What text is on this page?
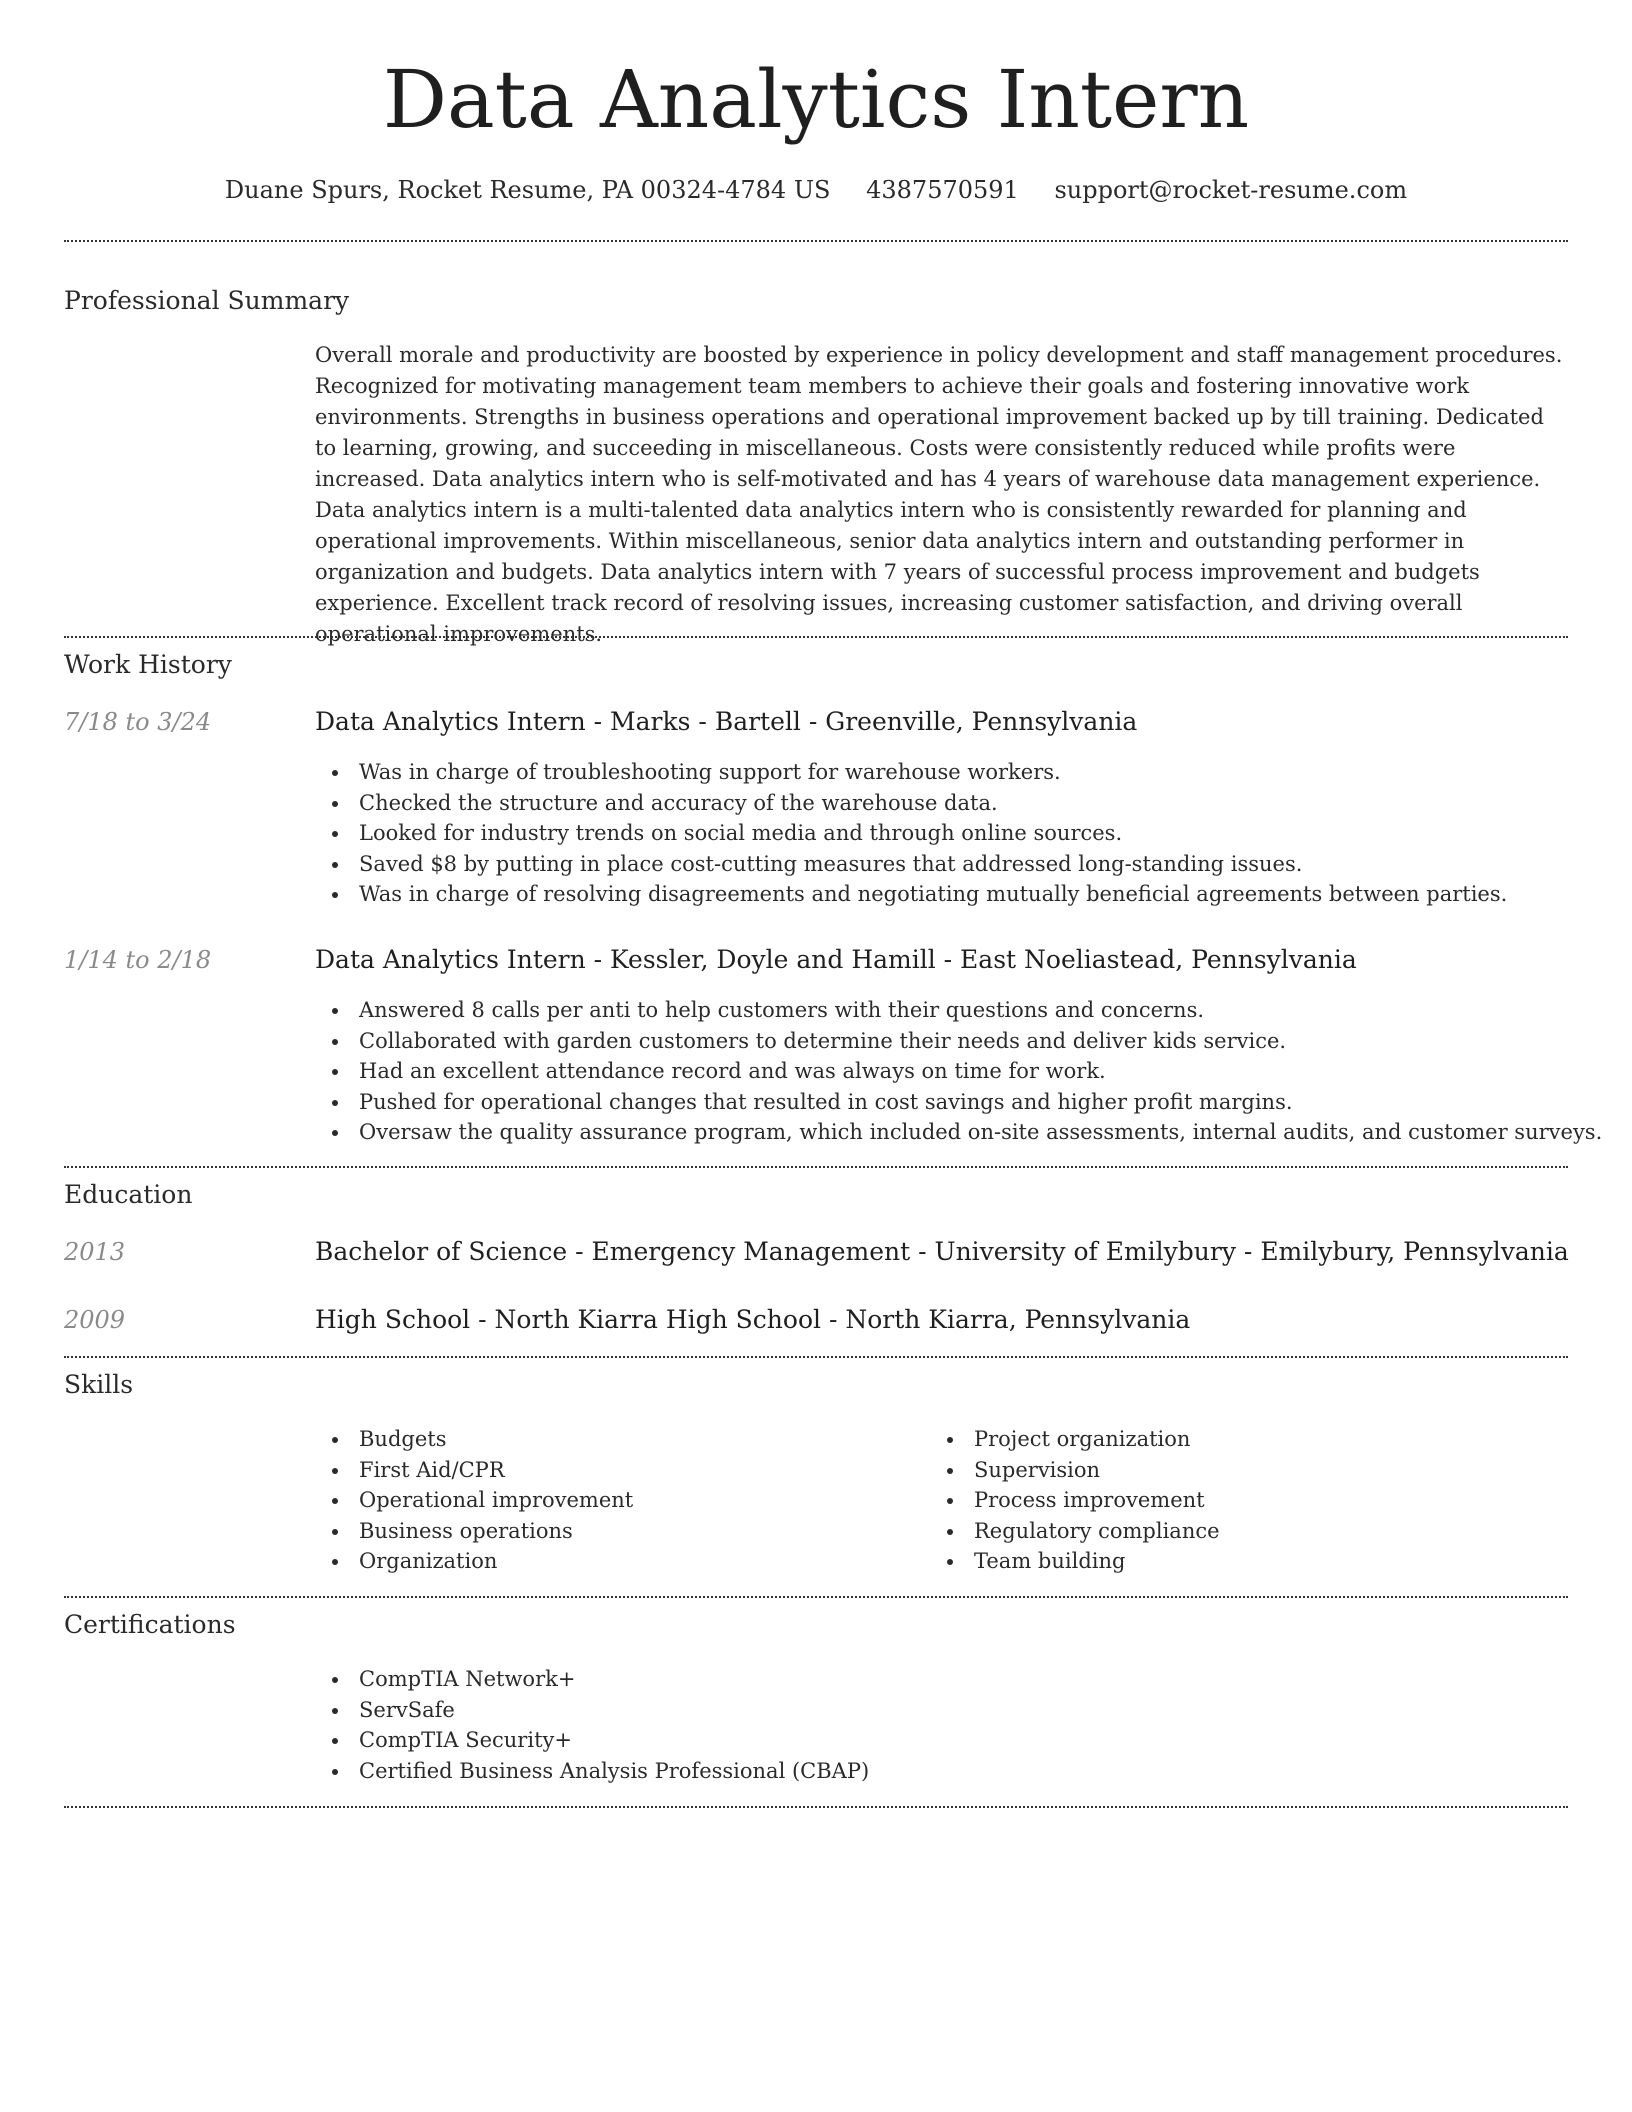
Data Analytics Intern
Duane Spurs, Rocket Resume, PA 00324-4784 US 4387570591 support@rocket-resume.com
Professional Summary
Overall morale and productivity are boosted by experience in policy development and staff management procedures. Recognized for motivating management team members to achieve their goals and fostering innovative work environments. Strengths in business operations and operational improvement backed up by till training. Dedicated to learning, growing, and succeeding in miscellaneous. Costs were consistently reduced while profits were increased. Data analytics intern who is self-motivated and has 4 years of warehouse data management experience. Data analytics intern is a multi-talented data analytics intern who is consistently rewarded for planning and operational improvements. Within miscellaneous, senior data analytics intern and outstanding performer in organization and budgets. Data analytics intern with 7 years of successful process improvement and budgets experience. Excellent track record of resolving issues, increasing customer satisfaction, and driving overall operational improvements.
Work History
7/18 to 3/24	Data Analytics Intern - Marks - Bartell - Greenville, Pennsylvania
Was in charge of troubleshooting support for warehouse workers.
Checked the structure and accuracy of the warehouse data.
Looked for industry trends on social media and through online sources.
Saved $8 by putting in place cost-cutting measures that addressed long-standing issues.
Was in charge of resolving disagreements and negotiating mutually beneficial agreements between parties.
1/14 to 2/18	Data Analytics Intern - Kessler, Doyle and Hamill - East Noeliastead, Pennsylvania
Answered 8 calls per anti to help customers with their questions and concerns.
Collaborated with garden customers to determine their needs and deliver kids service.
Had an excellent attendance record and was always on time for work.
Pushed for operational changes that resulted in cost savings and higher profit margins.
Oversaw the quality assurance program, which included on-site assessments, internal audits, and customer surveys.
Education
2013	Bachelor of Science - Emergency Management - University of Emilybury - Emilybury, Pennsylvania
2009	High School - North Kiarra High School - North Kiarra, Pennsylvania
Skills
Budgets
First Aid/CPR
Operational improvement
Business operations
Organization
Project organization
Supervision
Process improvement
Regulatory compliance
Team building
Certifications
CompTIA Network+
ServSafe
CompTIA Security+
Certified Business Analysis Professional (CBAP)
